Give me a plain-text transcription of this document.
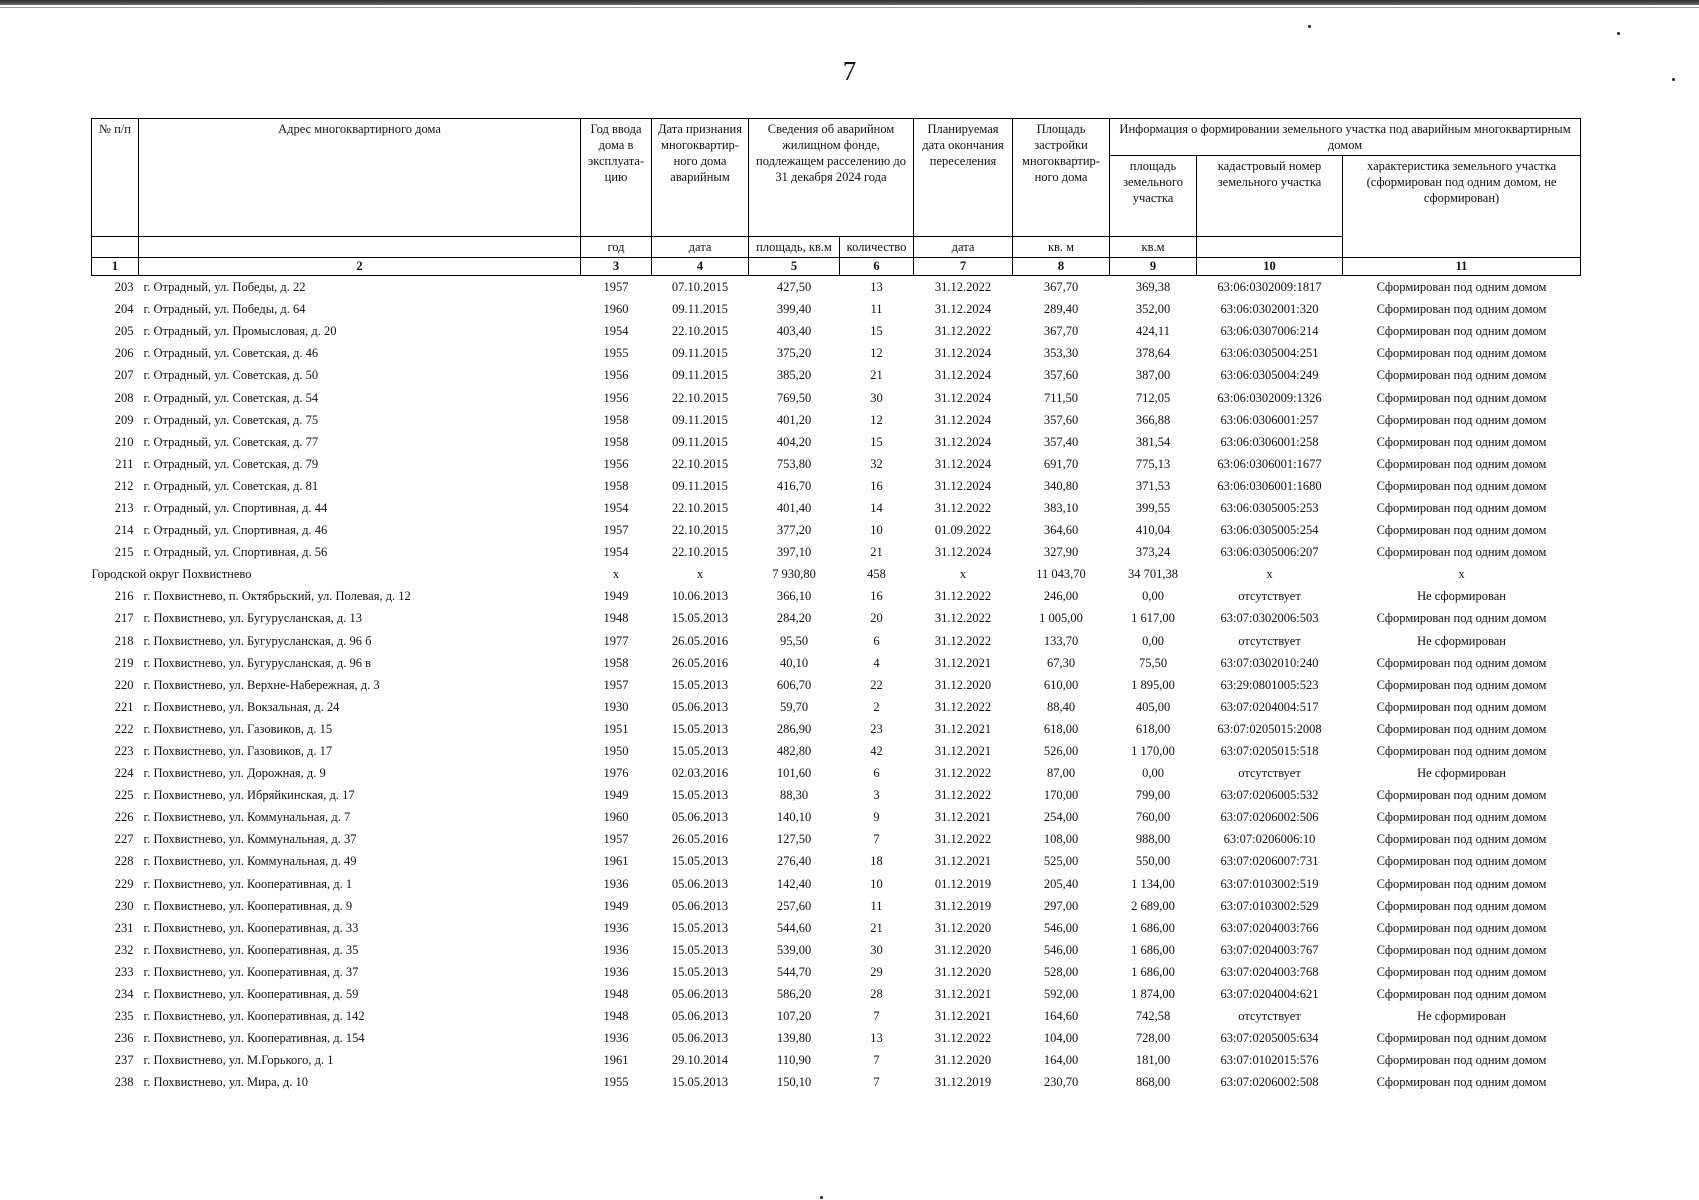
7
№ п/п	Адрес многоквартирного дома	Год ввода дома в эксплуата-цию	Дата признания многоквартир-ного дома аварийным	Сведения об аварийном жилищном фонде, подлежащем расселению до 31 декабря 2024 года		Планируемая дата окончания переселения	Площадь застройки многоквартир-ного дома	Информация о формировании земельного участка под аварийным многоквартирным домом		
								площадь земельного участка	кадастровый номер земельного участка	характеристика земельного участка (сформирован под одним домом, не сформирован)
		год	дата	площадь, кв.м	количество	дата	кв. м	кв.м		
1	2	3	4	5	6	7	8	9	10	11
203	г. Отрадный, ул. Победы, д. 22	1957	07.10.2015	427,50	13	31.12.2022	367,70	369,38	63:06:0302009:1817	Сформирован под одним домом
204	г. Отрадный, ул. Победы, д. 64	1960	09.11.2015	399,40	11	31.12.2024	289,40	352,00	63:06:0302001:320	Сформирован под одним домом
205	г. Отрадный, ул. Промысловая, д. 20	1954	22.10.2015	403,40	15	31.12.2022	367,70	424,11	63:06:0307006:214	Сформирован под одним домом
206	г. Отрадный, ул. Советская, д. 46	1955	09.11.2015	375,20	12	31.12.2024	353,30	378,64	63:06:0305004:251	Сформирован под одним домом
207	г. Отрадный, ул. Советская, д. 50	1956	09.11.2015	385,20	21	31.12.2024	357,60	387,00	63:06:0305004:249	Сформирован под одним домом
208	г. Отрадный, ул. Советская, д. 54	1956	22.10.2015	769,50	30	31.12.2024	711,50	712,05	63:06:0302009:1326	Сформирован под одним домом
209	г. Отрадный, ул. Советская, д. 75	1958	09.11.2015	401,20	12	31.12.2024	357,60	366,88	63:06:0306001:257	Сформирован под одним домом
210	г. Отрадный, ул. Советская, д. 77	1958	09.11.2015	404,20	15	31.12.2024	357,40	381,54	63:06:0306001:258	Сформирован под одним домом
211	г. Отрадный, ул. Советская, д. 79	1956	22.10.2015	753,80	32	31.12.2024	691,70	775,13	63:06:0306001:1677	Сформирован под одним домом
212	г. Отрадный, ул. Советская, д. 81	1958	09.11.2015	416,70	16	31.12.2024	340,80	371,53	63:06:0306001:1680	Сформирован под одним домом
213	г. Отрадный, ул. Спортивная, д. 44	1954	22.10.2015	401,40	14	31.12.2022	383,10	399,55	63:06:0305005:253	Сформирован под одним домом
214	г. Отрадный, ул. Спортивная, д. 46	1957	22.10.2015	377,20	10	01.09.2022	364,60	410,04	63:06:0305005:254	Сформирован под одним домом
215	г. Отрадный, ул. Спортивная, д. 56	1954	22.10.2015	397,10	21	31.12.2024	327,90	373,24	63:06:0305006:207	Сформирован под одним домом
Городской округ Похвистнево		x	x	7 930,80	458	x	11 043,70	34 701,38	x	x
216	г. Похвистнево, п. Октябрьский, ул. Полевая, д. 12	1949	10.06.2013	366,10	16	31.12.2022	246,00	0,00	отсутствует	Не сформирован
217	г. Похвистнево, ул. Бугурусланская, д. 13	1948	15.05.2013	284,20	20	31.12.2022	1 005,00	1 617,00	63:07:0302006:503	Сформирован под одним домом
218	г. Похвистнево, ул. Бугурусланская, д. 96 б	1977	26.05.2016	95,50	6	31.12.2022	133,70	0,00	отсутствует	Не сформирован
219	г. Похвистнево, ул. Бугурусланская, д. 96 в	1958	26.05.2016	40,10	4	31.12.2021	67,30	75,50	63:07:0302010:240	Сформирован под одним домом
220	г. Похвистнево, ул. Верхне-Набережная, д. 3	1957	15.05.2013	606,70	22	31.12.2020	610,00	1 895,00	63:29:0801005:523	Сформирован под одним домом
221	г. Похвистнево, ул. Вокзальная, д. 24	1930	05.06.2013	59,70	2	31.12.2022	88,40	405,00	63:07:0204004:517	Сформирован под одним домом
222	г. Похвистнево, ул. Газовиков, д. 15	1951	15.05.2013	286,90	23	31.12.2021	618,00	618,00	63:07:0205015:2008	Сформирован под одним домом
223	г. Похвистнево, ул. Газовиков, д. 17	1950	15.05.2013	482,80	42	31.12.2021	526,00	1 170,00	63:07:0205015:518	Сформирован под одним домом
224	г. Похвистнево, ул. Дорожная, д. 9	1976	02.03.2016	101,60	6	31.12.2022	87,00	0,00	отсутствует	Не сформирован
225	г. Похвистнево, ул. Ибряйкинская, д. 17	1949	15.05.2013	88,30	3	31.12.2022	170,00	799,00	63:07:0206005:532	Сформирован под одним домом
226	г. Похвистнево, ул. Коммунальная, д. 7	1960	05.06.2013	140,10	9	31.12.2021	254,00	760,00	63:07:0206002:506	Сформирован под одним домом
227	г. Похвистнево, ул. Коммунальная, д. 37	1957	26.05.2016	127,50	7	31.12.2022	108,00	988,00	63:07:0206006:10	Сформирован под одним домом
228	г. Похвистнево, ул. Коммунальная, д. 49	1961	15.05.2013	276,40	18	31.12.2021	525,00	550,00	63:07:0206007:731	Сформирован под одним домом
229	г. Похвистнево, ул. Кооперативная, д. 1	1936	05.06.2013	142,40	10	01.12.2019	205,40	1 134,00	63:07:0103002:519	Сформирован под одним домом
230	г. Похвистнево, ул. Кооперативная, д. 9	1949	05.06.2013	257,60	11	31.12.2019	297,00	2 689,00	63:07:0103002:529	Сформирован под одним домом
231	г. Похвистнево, ул. Кооперативная, д. 33	1936	15.05.2013	544,60	21	31.12.2020	546,00	1 686,00	63:07:0204003:766	Сформирован под одним домом
232	г. Похвистнево, ул. Кооперативная, д. 35	1936	15.05.2013	539,00	30	31.12.2020	546,00	1 686,00	63:07:0204003:767	Сформирован под одним домом
233	г. Похвистнево, ул. Кооперативная, д. 37	1936	15.05.2013	544,70	29	31.12.2020	528,00	1 686,00	63:07:0204003:768	Сформирован под одним домом
234	г. Похвистнево, ул. Кооперативная, д. 59	1948	05.06.2013	586,20	28	31.12.2021	592,00	1 874,00	63:07:0204004:621	Сформирован под одним домом
235	г. Похвистнево, ул. Кооперативная, д. 142	1948	05.06.2013	107,20	7	31.12.2021	164,60	742,58	отсутствует	Не сформирован
236	г. Похвистнево, ул. Кооперативная, д. 154	1936	05.06.2013	139,80	13	31.12.2022	104,00	728,00	63:07:0205005:634	Сформирован под одним домом
237	г. Похвистнево, ул. М.Горького, д. 1	1961	29.10.2014	110,90	7	31.12.2020	164,00	181,00	63:07:0102015:576	Сформирован под одним домом
238	г. Похвистнево, ул. Мира, д. 10	1955	15.05.2013	150,10	7	31.12.2019	230,70	868,00	63:07:0206002:508	Сформирован под одним домом
